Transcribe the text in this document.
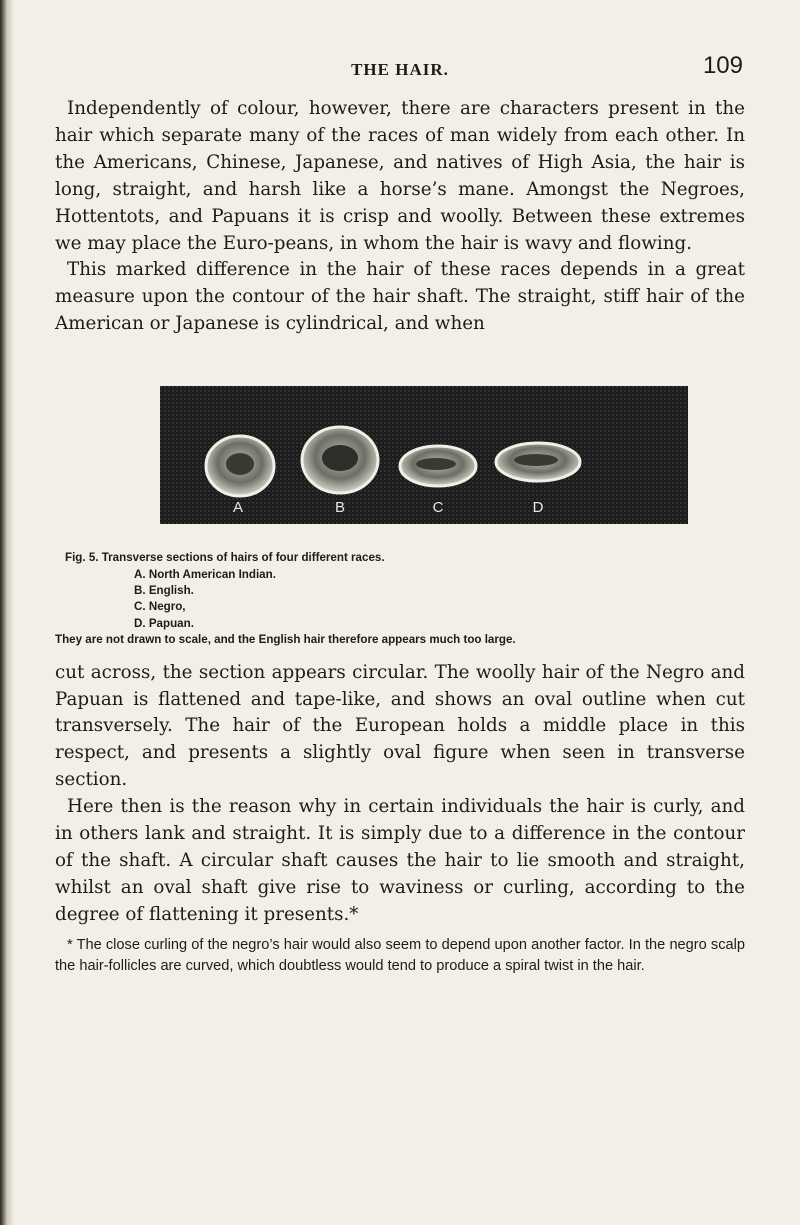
THE HAIR.	109

Independently of colour, however, there are characters present in the hair which separate many of the races of man widely from each other. In the Americans, Chinese, Japanese, and natives of High Asia, the hair is long, straight, and harsh like a horse’s mane. Amongst the Negroes, Hottentots, and Papuans it is crisp and woolly. Between these extremes we may place the Euro-peans, in whom the hair is wavy and flowing.

This marked difference in the hair of these races depends in a great measure upon the contour of the hair shaft. The straight, stiff hair of the American or Japanese is cylindrical, and when

A	B	C	D
Fig. 5. Transverse sections of hairs of four different races.
A. North American Indian.
B. English.
C. Negro,
D. Papuan.
They are not drawn to scale, and the English hair therefore appears much too large.

cut across, the section appears circular. The woolly hair of the Negro and Papuan is flattened and tape-like, and shows an oval outline when cut transversely. The hair of the European holds a middle place in this respect, and presents a slightly oval figure when seen in transverse section.

Here then is the reason why in certain individuals the hair is curly, and in others lank and straight. It is simply due to a difference in the contour of the shaft. A circular shaft causes the hair to lie smooth and straight, whilst an oval shaft give rise to waviness or curling, according to the degree of flattening it presents.*

* The close curling of the negro’s hair would also seem to depend upon another factor. In the negro scalp the hair-follicles are curved, which doubtless would tend to produce a spiral twist in the hair.
